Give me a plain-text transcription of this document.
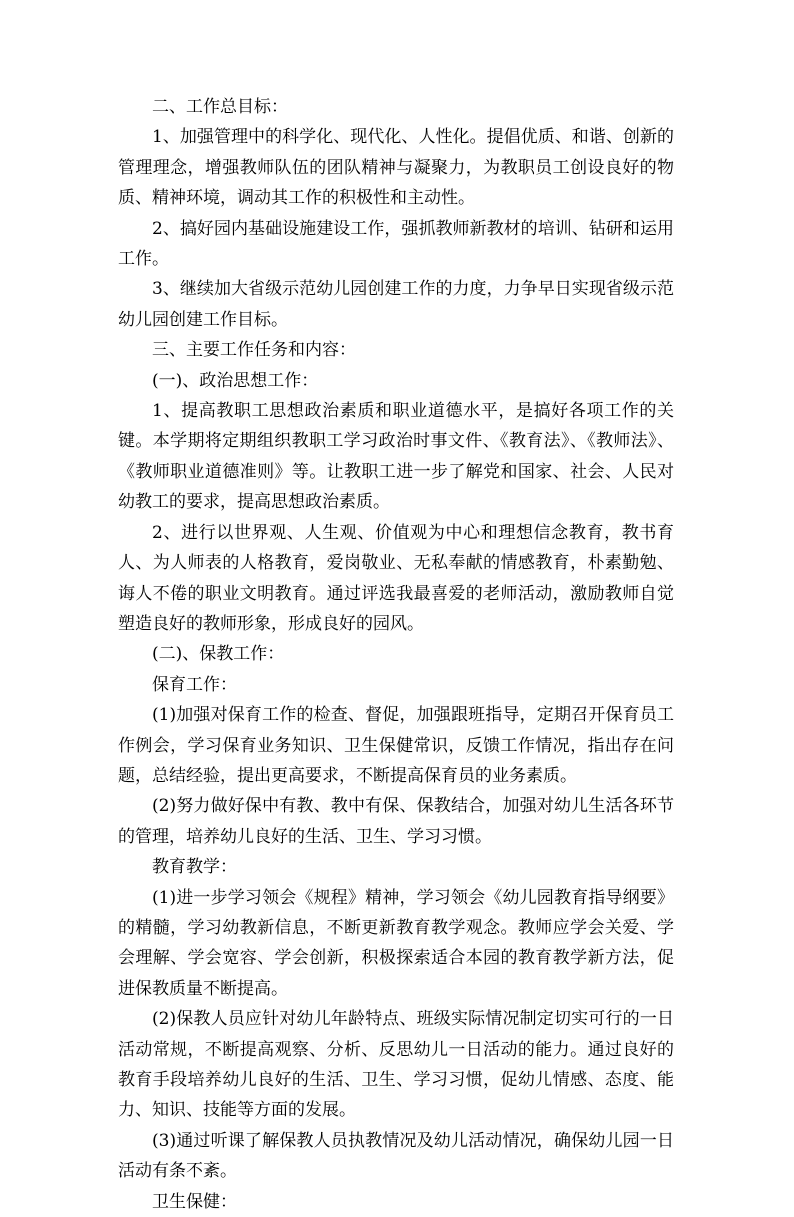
二、工作总目标：

1、加强管理中的科学化、现代化、人性化。提倡优质、和谐、创新的管理理念，增强教师队伍的团队精神与凝聚力，为教职员工创设良好的物质、精神环境，调动其工作的积极性和主动性。

2、搞好园内基础设施建设工作，强抓教师新教材的培训、钻研和运用工作。

3、继续加大省级示范幼儿园创建工作的力度，力争早日实现省级示范幼儿园创建工作目标。

三、主要工作任务和内容：

(一)、政治思想工作：

1、提高教职工思想政治素质和职业道德水平，是搞好各项工作的关键。本学期将定期组织教职工学习政治时事文件、《教育法》、《教师法》、《教师职业道德准则》等。让教职工进一步了解党和国家、社会、人民对幼教工的要求，提高思想政治素质。

2、进行以世界观、人生观、价值观为中心和理想信念教育，教书育人、为人师表的人格教育，爱岗敬业、无私奉献的情感教育，朴素勤勉、诲人不倦的职业文明教育。通过评选我最喜爱的老师活动，激励教师自觉塑造良好的教师形象，形成良好的园风。

(二)、保教工作：

保育工作：

(1)加强对保育工作的检查、督促，加强跟班指导，定期召开保育员工作例会，学习保育业务知识、卫生保健常识，反馈工作情况，指出存在问题，总结经验，提出更高要求，不断提高保育员的业务素质。

(2)努力做好保中有教、教中有保、保教结合，加强对幼儿生活各环节的管理，培养幼儿良好的生活、卫生、学习习惯。

教育教学：

(1)进一步学习领会《规程》精神，学习领会《幼儿园教育指导纲要》的精髓，学习幼教新信息，不断更新教育教学观念。教师应学会关爱、学会理解、学会宽容、学会创新，积极探索适合本园的教育教学新方法，促进保教质量不断提高。

(2)保教人员应针对幼儿年龄特点、班级实际情况制定切实可行的一日活动常规，不断提高观察、分析、反思幼儿一日活动的能力。通过良好的教育手段培养幼儿良好的生活、卫生、学习习惯，促幼儿情感、态度、能力、知识、技能等方面的发展。

(3)通过听课了解保教人员执教情况及幼儿活动情况，确保幼儿园一日活动有条不紊。

卫生保健：
